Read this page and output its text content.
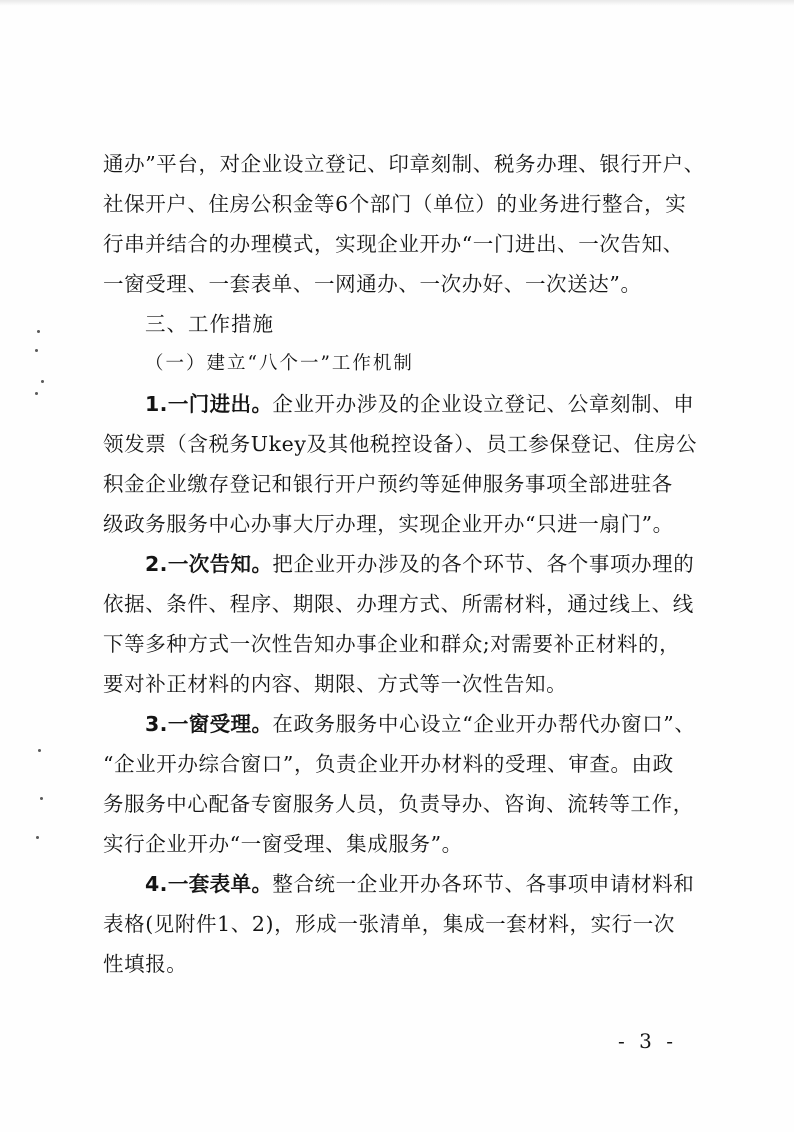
通办”平台，对企业设立登记、印章刻制、税务办理、银行开户、
社保开户、住房公积金等6个部门（单位）的业务进行整合，实
行串并结合的办理模式，实现企业开办“一门进出、一次告知、
一窗受理、一套表单、一网通办、一次办好、一次送达”。
三、工作措施
（一）建立“八个一”工作机制
1.一门进出。企业开办涉及的企业设立登记、公章刻制、申
领发票（含税务Ukey及其他税控设备）、员工参保登记、住房公
积金企业缴存登记和银行开户预约等延伸服务事项全部进驻各
级政务服务中心办事大厅办理，实现企业开办“只进一扇门”。
2.一次告知。把企业开办涉及的各个环节、各个事项办理的
依据、条件、程序、期限、办理方式、所需材料，通过线上、线
下等多种方式一次性告知办事企业和群众;对需要补正材料的，
要对补正材料的内容、期限、方式等一次性告知。
3.一窗受理。在政务服务中心设立“企业开办帮代办窗口”、
“企业开办综合窗口”，负责企业开办材料的受理、审查。由政
务服务中心配备专窗服务人员，负责导办、咨询、流转等工作，
实行企业开办“一窗受理、集成服务”。
4.一套表单。整合统一企业开办各环节、各事项申请材料和
表格(见附件1、2)，形成一张清单，集成一套材料，实行一次
性填报。
- 3 -
